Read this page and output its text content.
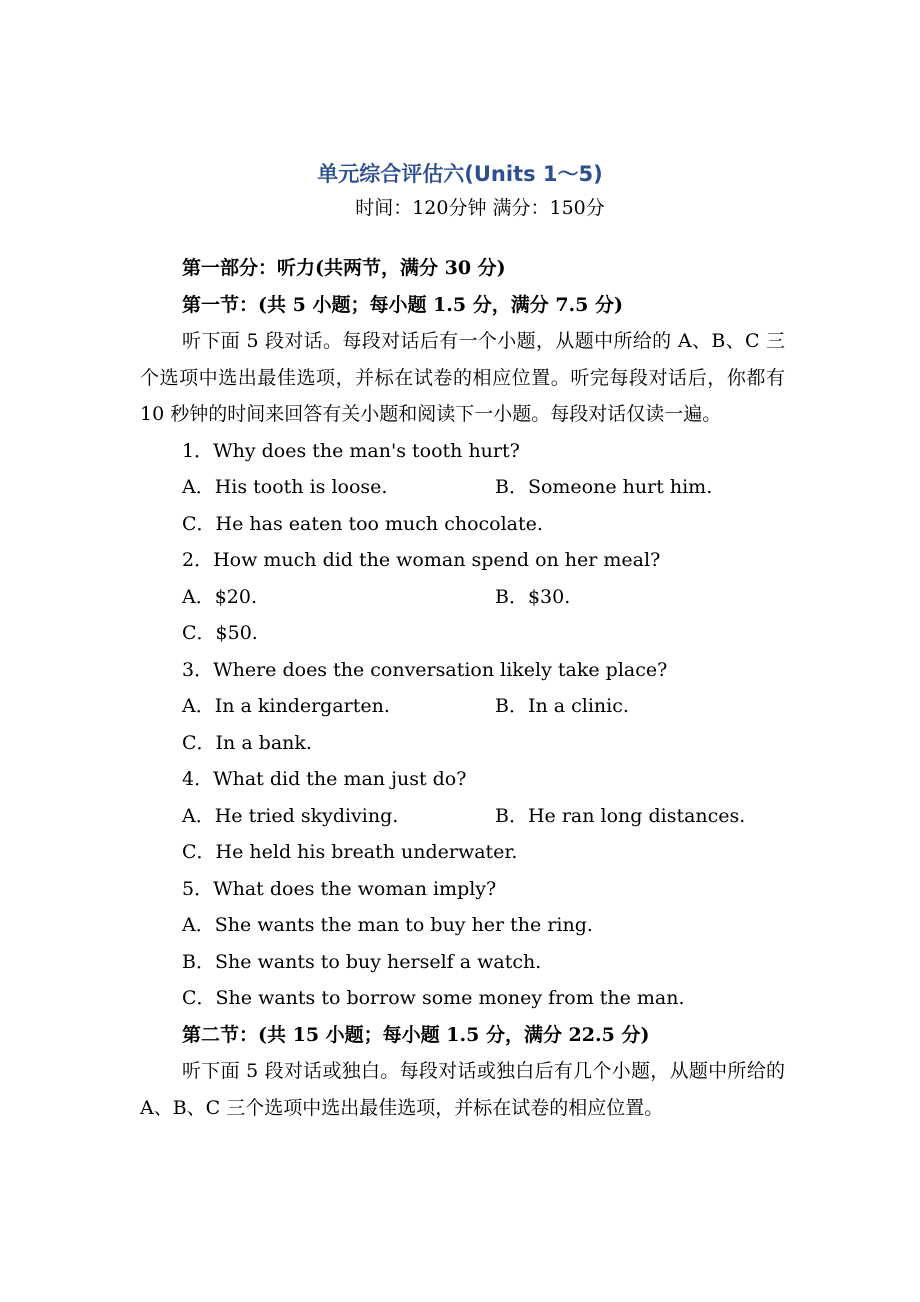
单元综合评估六(Units 1～5)
时间：120分钟 满分：150分
第一部分：听力(共两节，满分 30 分)
第一节：(共 5 小题；每小题 1.5 分，满分 7.5 分)
听下面 5 段对话。每段对话后有一个小题，从题中所给的 A、B、C 三个选项中选出最佳选项，并标在试卷的相应位置。听完每段对话后，你都有 10 秒钟的时间来回答有关小题和阅读下一小题。每段对话仅读一遍。
1．Why does the man's tooth hurt?
A．His tooth is loose.	B．Someone hurt him.
C．He has eaten too much chocolate.
2．How much did the woman spend on her meal?
A．$20.	B．$30.
C．$50.
3．Where does the conversation likely take place?
A．In a kindergarten.	B．In a clinic.
C．In a bank.
4．What did the man just do?
A．He tried skydiving.	B．He ran long distances.
C．He held his breath underwater.
5．What does the woman imply?
A．She wants the man to buy her the ring.
B．She wants to buy herself a watch.
C．She wants to borrow some money from the man.
第二节：(共 15 小题；每小题 1.5 分，满分 22.5 分)
听下面 5 段对话或独白。每段对话或独白后有几个小题，从题中所给的 A、B、C 三个选项中选出最佳选项，并标在试卷的相应位置。
